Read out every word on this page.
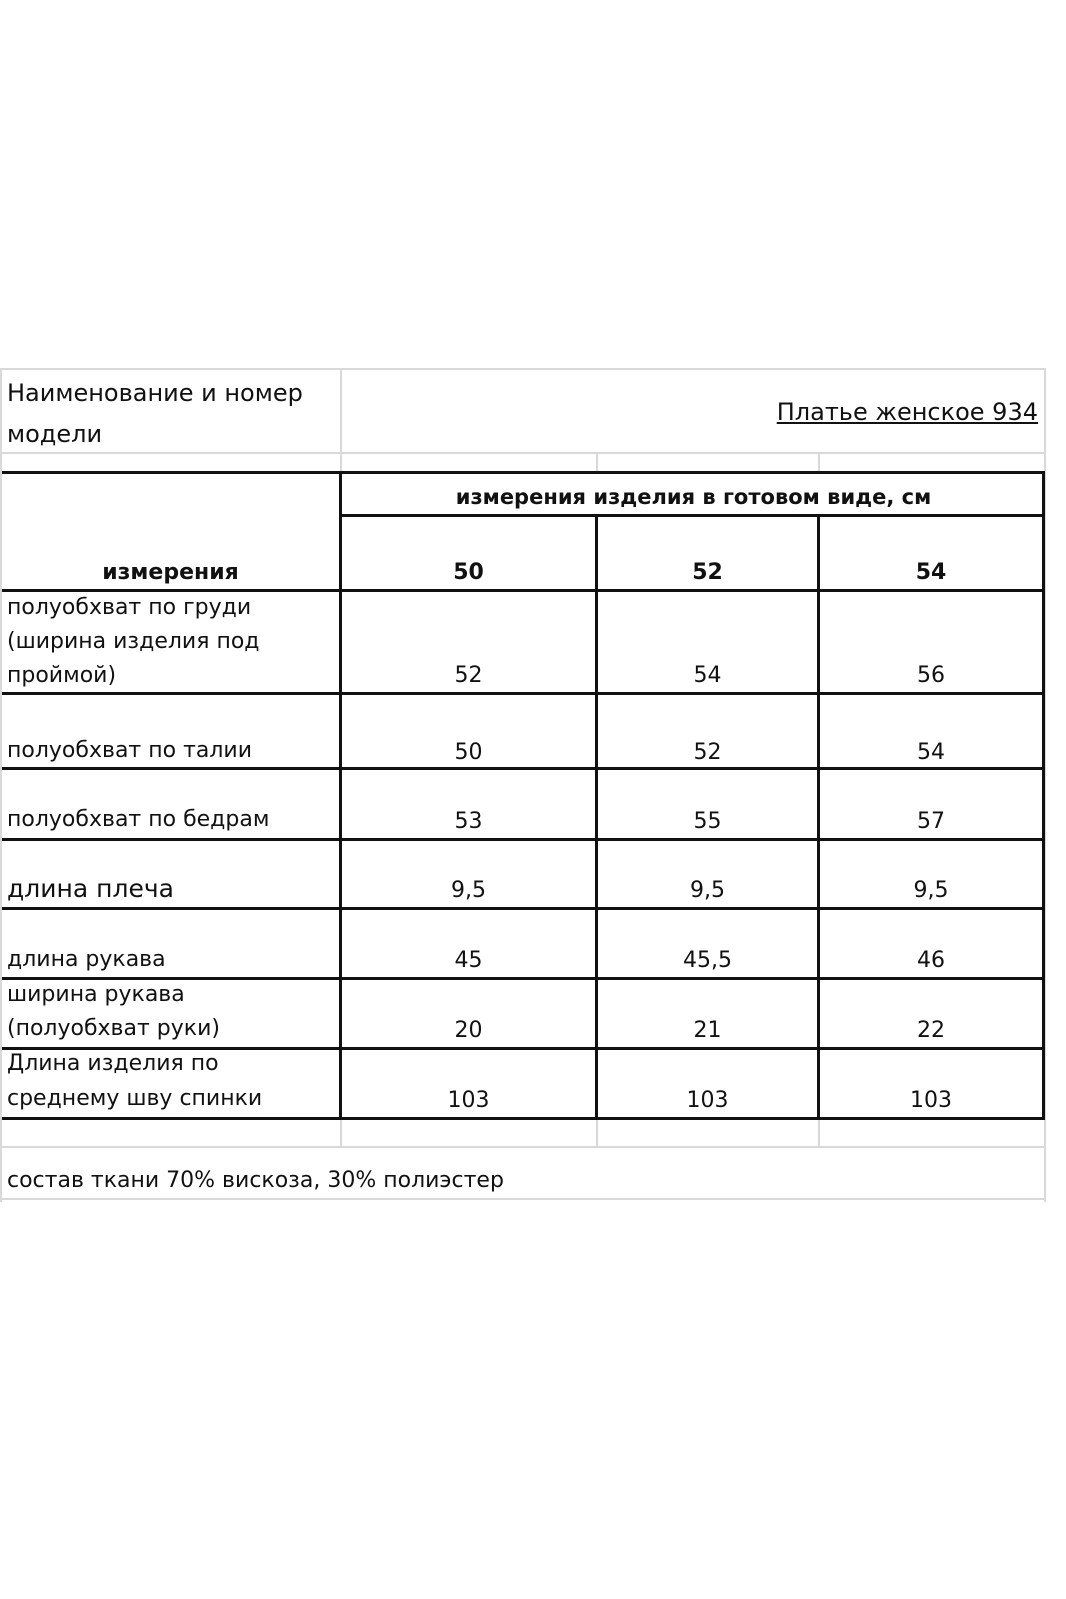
Наименование и номер
модели
Платье женское 934
измерения изделия в готовом виде, см
измерения	50	52	54
полуобхват по груди
(ширина изделия под
проймой)	52	54	56
полуобхват по талии	50	52	54
полуобхват по бедрам	53	55	57
длина плеча	9,5	9,5	9,5
длина рукава	45	45,5	46
ширина рукава
(полуобхват руки)	20	21	22
Длина изделия по
среднему шву спинки	103	103	103
состав ткани 70% вискоза, 30% полиэстер
